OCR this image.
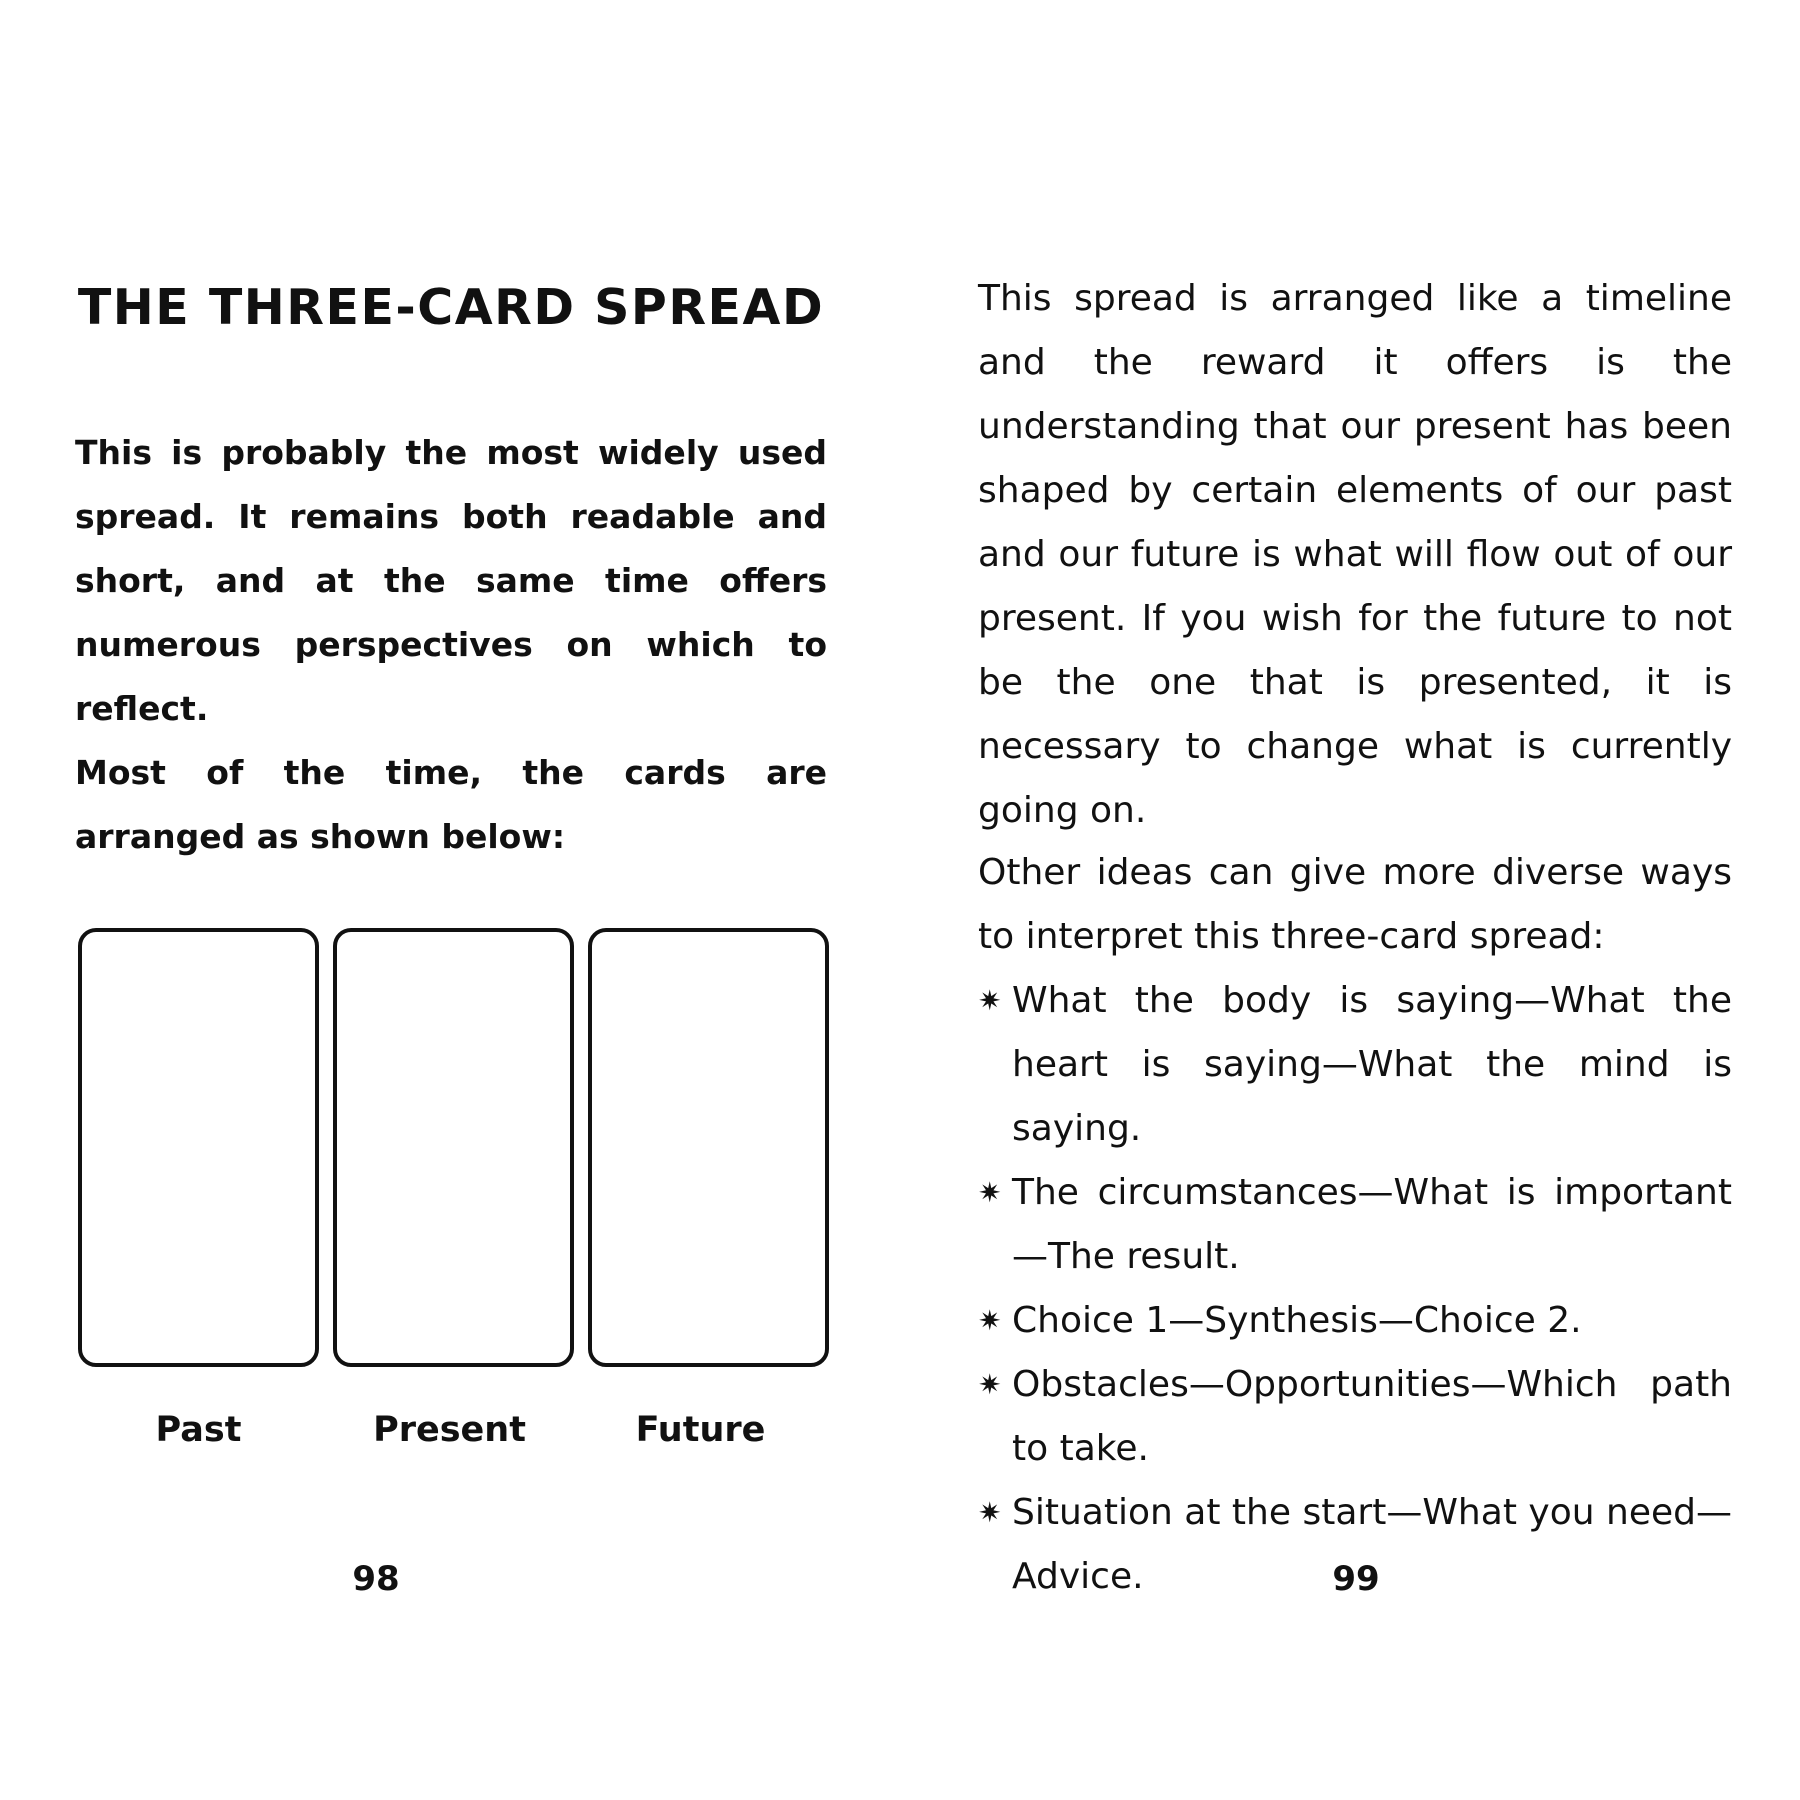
THE THREE-CARD SPREAD

This is probably the most widely used spread. It remains both readable and short, and at the same time offers numerous perspectives on which to reflect.

Most of the time, the cards are arranged as shown below:

Past	Present	Future
98

This spread is arranged like a timeline and the reward it offers is the understanding that our present has been shaped by certain elements of our past and our future is what will flow out of our present. If you wish for the future to not be the one that is presented, it is necessary to change what is currently going on.

Other ideas can give more diverse ways to interpret this three-card spread:

✷ What the body is saying—What the heart is saying—What the mind is saying.
✷ The circumstances—What is important—The result.
✷ Choice 1—Synthesis—Choice 2.
✷ Obstacles—Opportunities—Which path to take.
✷ Situation at the start—What you need—Advice.	99
